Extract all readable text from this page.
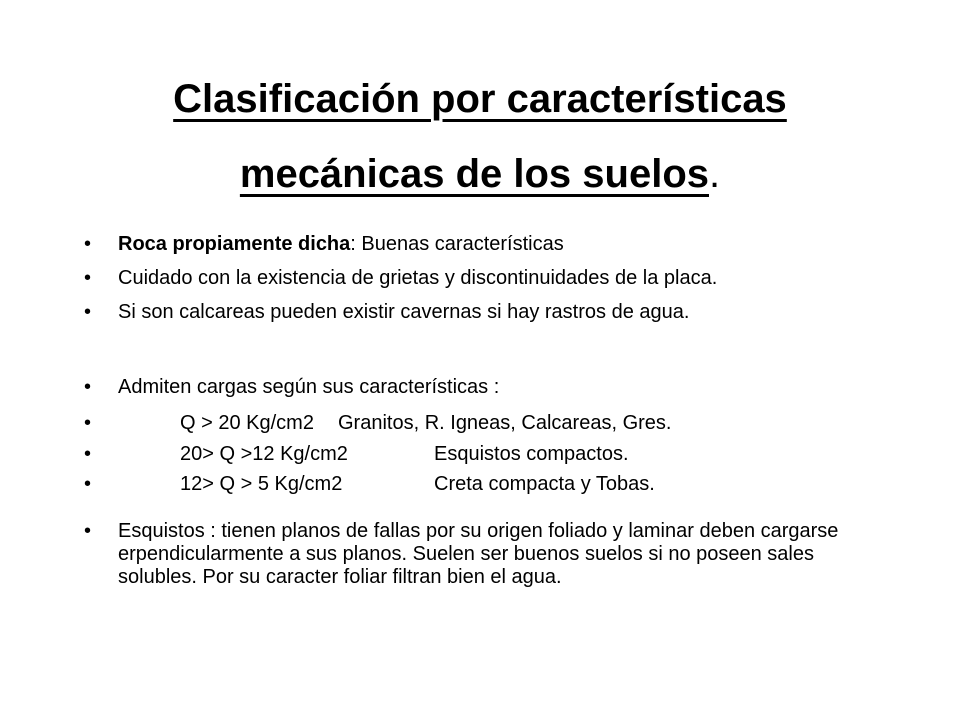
Clasificación por características
mecánicas de los suelos.
• Roca propiamente dicha: Buenas características
• Cuidado con la existencia de grietas y discontinuidades de la placa.
• Si son calcareas pueden existir cavernas si hay rastros de agua.
• Admiten cargas según sus características :
•	Q > 20 Kg/cm2 Granitos, R. Igneas, Calcareas, Gres.
•	20> Q >12 Kg/cm2	Esquistos compactos.
•	12> Q > 5 Kg/cm2	Creta compacta y Tobas.
• Esquistos : tienen planos de fallas por su origen foliado y laminar deben cargarse erpendicularmente a sus planos. Suelen ser buenos suelos si no poseen sales solubles. Por su caracter foliar filtran bien el agua.
